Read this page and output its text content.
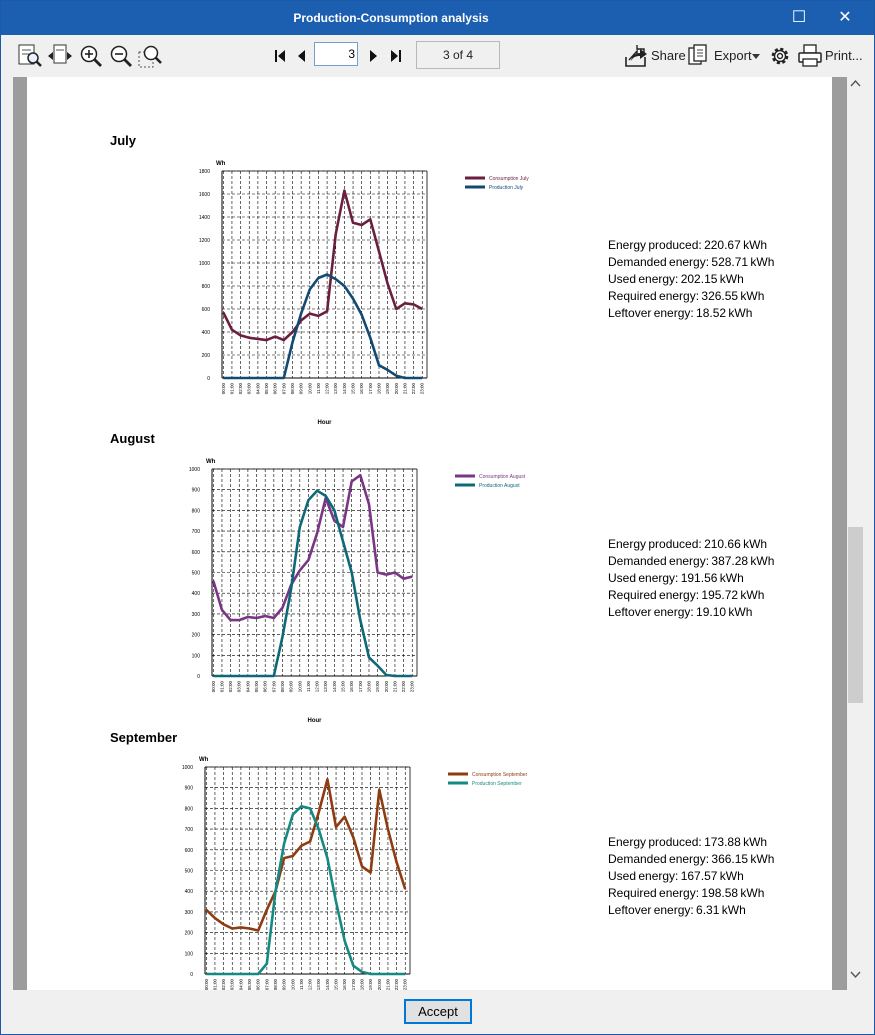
Production-Consumption analysis	☐	✕
3
3 of 4	Share Export	Print...
July
Wh
0
200
400
600
800
1000
1200
1400
1600
1800
00:00 01:00 02:00 03:00 04:00 05:00 06:00 07:00 08:00 09:00 10:00 11:00 12:00 13:00 14:00 15:00 16:00 17:00 18:00 19:00 20:00 21:00 22:00 23:00
Hour
Consumption July
Production July
Energy produced: 220.67 kWh
Demanded energy: 528.71 kWh
Used energy: 202.15 kWh
Required energy: 326.55 kWh
Leftover energy: 18.52 kWh
August
Wh
0
100
200
300
400
500
600
700
800
900
1000
00:00 01:00 02:00 03:00 04:00 05:00 06:00 07:00 08:00 09:00 10:00 11:00 12:00 13:00 14:00 15:00 16:00 17:00 18:00 19:00 20:00 21:00 22:00 23:00
Hour
Consumption August
Production August
Energy produced: 210.66 kWh
Demanded energy: 387.28 kWh
Used energy: 191.56 kWh
Required energy: 195.72 kWh
Leftover energy: 19.10 kWh
September
Wh
0
100
200
300
400
500
600
700
800
900
1000
00:00 01:00 02:00 03:00 04:00 05:00 06:00 07:00 08:00 09:00 10:00 11:00 12:00 13:00 14:00 15:00 16:00 17:00 18:00 19:00 20:00 21:00 22:00 23:00
Consumption September
Production September
Energy produced: 173.88 kWh
Demanded energy: 366.15 kWh
Used energy: 167.57 kWh
Required energy: 198.58 kWh
Leftover energy: 6.31 kWh
Accept
